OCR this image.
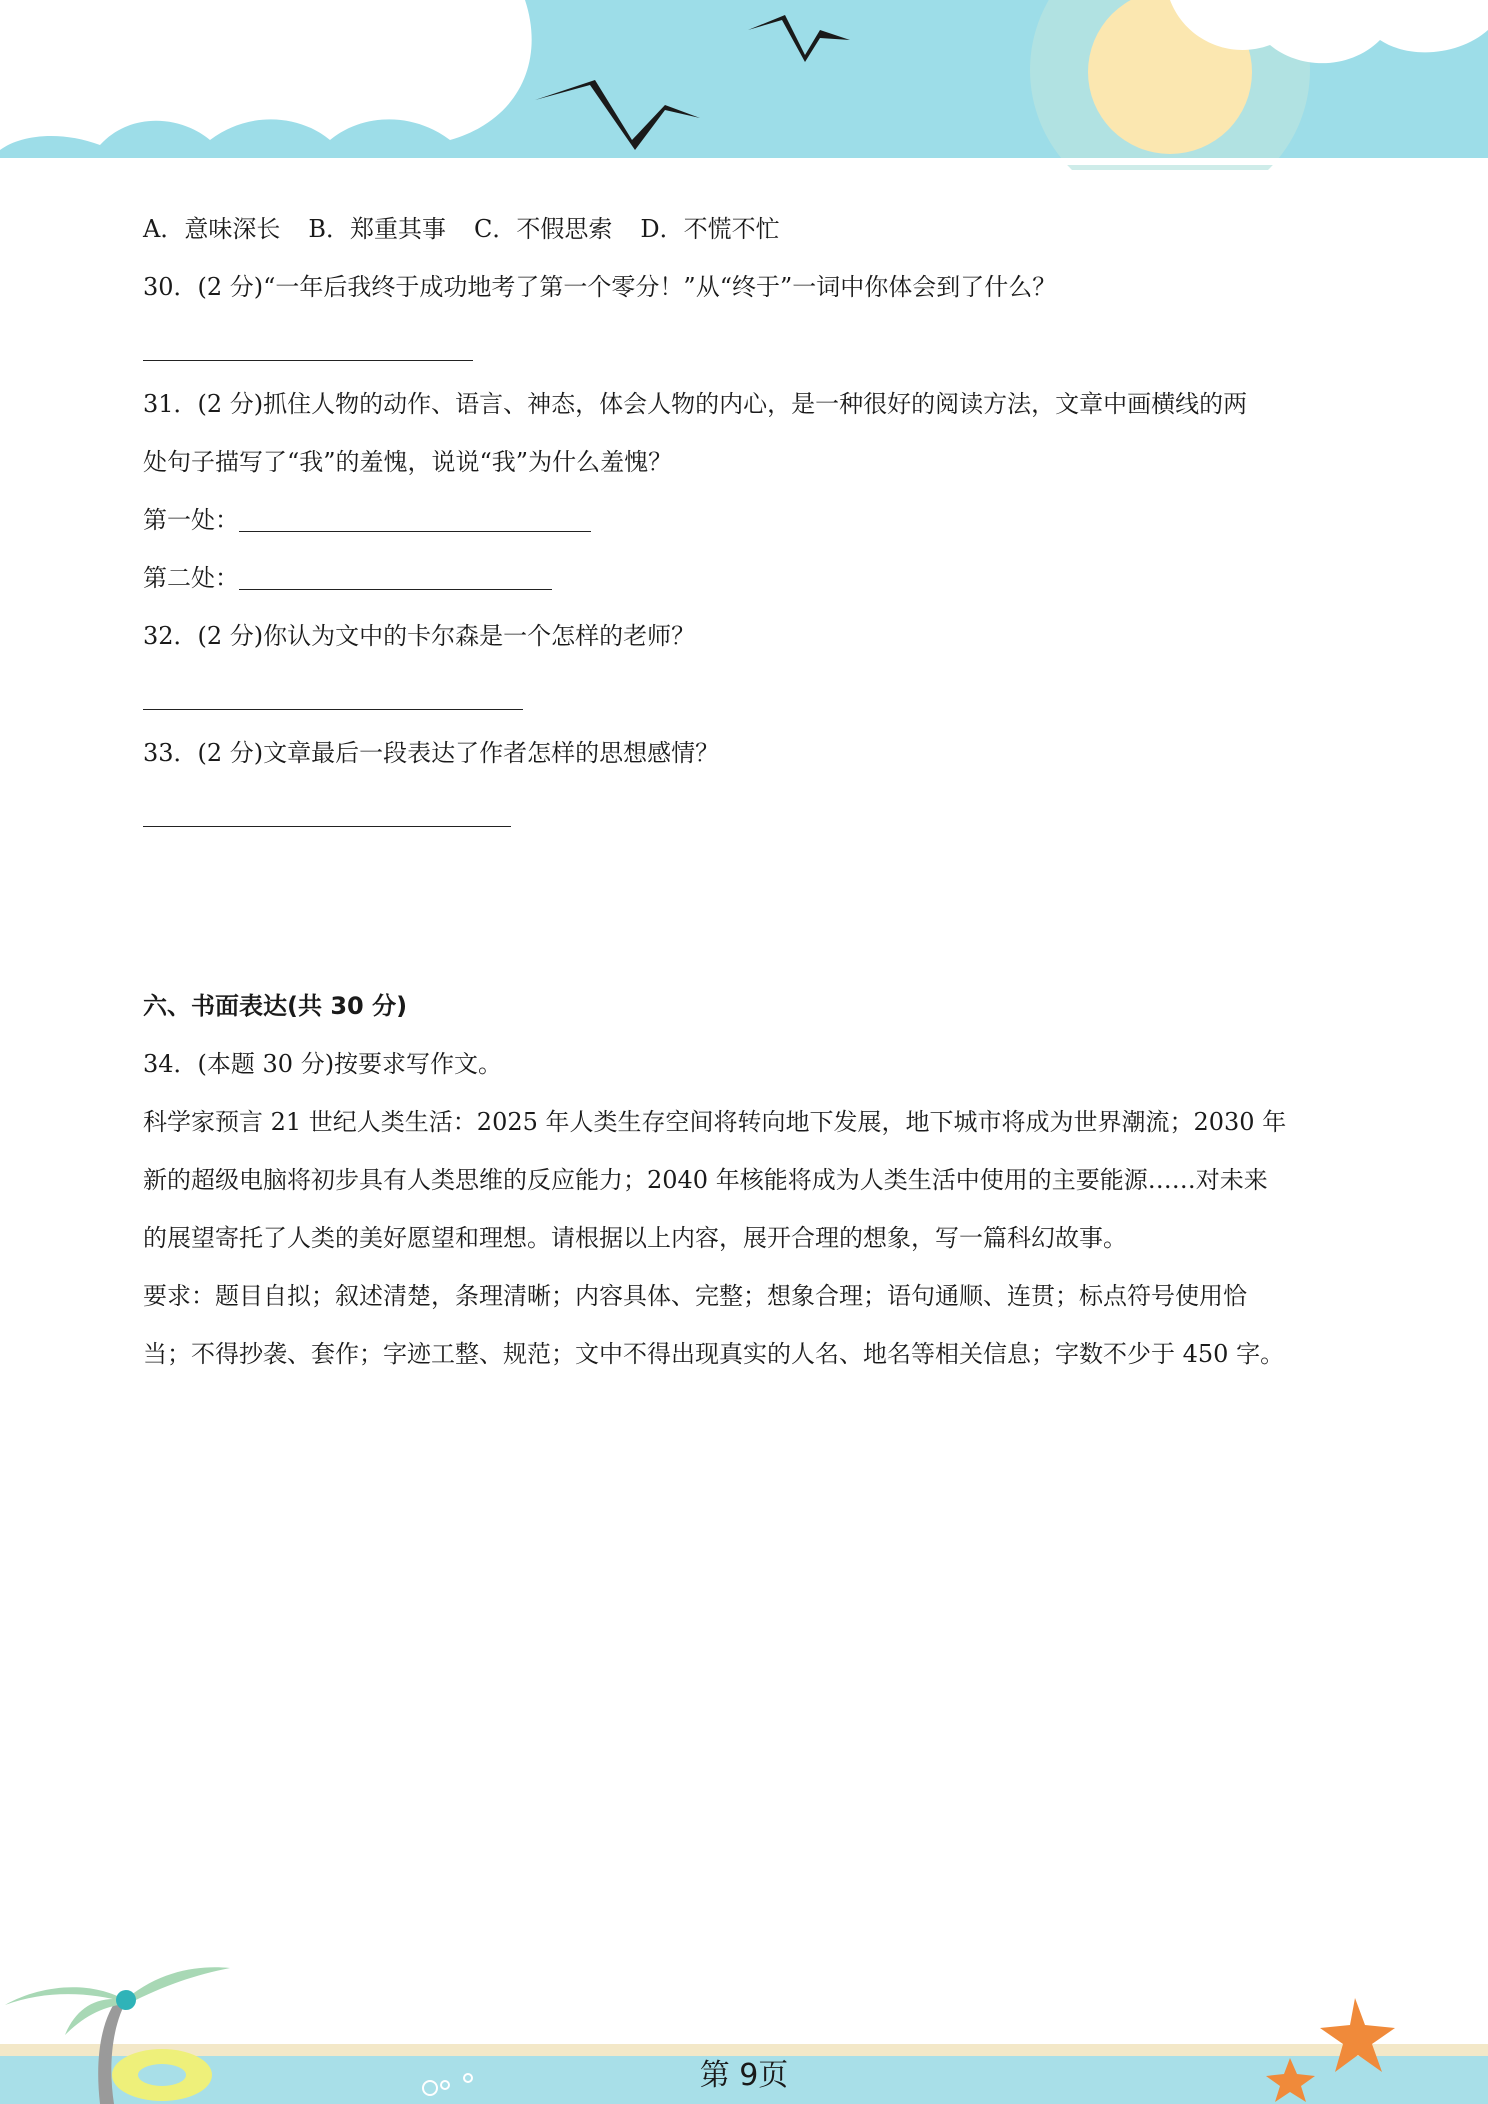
A．意味深长 B．郑重其事 C．不假思索 D．不慌不忙
30．(2 分)“一年后我终于成功地考了第一个零分！”从“终于”一词中你体会到了什么？
31．(2 分)抓住人物的动作、语言、神态，体会人物的内心，是一种很好的阅读方法，文章中画横线的两
处句子描写了“我”的羞愧，说说“我”为什么羞愧？
第一处：
第二处：
32．(2 分)你认为文中的卡尔森是一个怎样的老师？
33．(2 分)文章最后一段表达了作者怎样的思想感情？
六、书面表达(共 30 分)
34．(本题 30 分)按要求写作文。
科学家预言 21 世纪人类生活：2025 年人类生存空间将转向地下发展，地下城市将成为世界潮流；2030 年
新的超级电脑将初步具有人类思维的反应能力；2040 年核能将成为人类生活中使用的主要能源……对未来
的展望寄托了人类的美好愿望和理想。请根据以上内容，展开合理的想象，写一篇科幻故事。
要求：题目自拟；叙述清楚，条理清晰；内容具体、完整；想象合理；语句通顺、连贯；标点符号使用恰
当；不得抄袭、套作；字迹工整、规范；文中不得出现真实的人名、地名等相关信息；字数不少于 450 字。
第 9页
